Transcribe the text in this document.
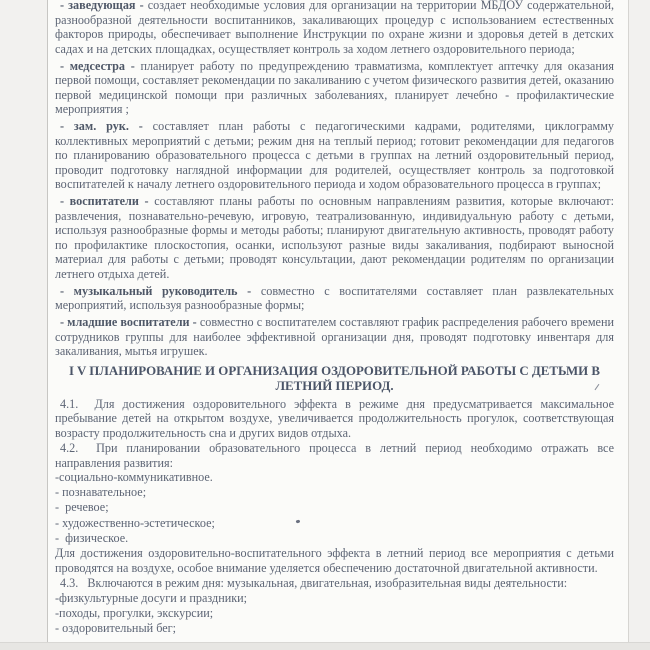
- заведующая - создает необходимые условия для организации на территории МБДОУ содержательной, разнообразной деятельности воспитанников, закаливающих процедур с использованием естественных факторов природы, обеспечивает выполнение Инструкции по охране жизни и здоровья детей в детских садах и на детских площадках, осуществляет контроль за ходом летнего оздоровительного периода;

- медсестра - планирует работу по предупреждению травматизма, комплектует аптечку для оказания первой помощи, составляет рекомендации по закаливанию с учетом физического развития детей, оказанию первой медицинской помощи при различных заболеваниях, планирует лечебно - профилактические мероприятия ;

- зам. рук. - составляет план работы с педагогическими кадрами, родителями, циклограмму коллективных мероприятий с детьми; режим дня на теплый период; готовит рекомендации для педагогов по планированию образовательного процесса с детьми в группах на летний оздоровительный период, проводит подготовку наглядной информации для родителей, осуществляет контроль за подготовкой воспитателей к началу летнего оздоровительного периода и ходом образовательного процесса в группах;

- воспитатели - составляют планы работы по основным направлениям развития, которые включают: развлечения, познавательно-речевую, игровую, театрализованную, индивидуальную работу с детьми, используя разнообразные формы и методы работы; планируют двигательную активность, проводят работу по профилактике плоскостопия, осанки, используют разные виды закаливания, подбирают выносной материал для работы с детьми; проводят консультации, дают рекомендации родителям по организации летнего отдыха детей.

- музыкальный руководитель - совместно с воспитателями составляет план развлекательных мероприятий, используя разнообразные формы;

- младшие воспитатели - совместно с воспитателем составляют график распределения рабочего времени сотрудников группы для наиболее эффективной организации дня, проводят подготовку инвентаря для закаливания, мытья игрушек.

I V ПЛАНИРОВАНИЕ И ОРГАНИЗАЦИЯ ОЗДОРОВИТЕЛЬНОЙ РАБОТЫ С ДЕТЬМИ В
ЛЕТНИЙ ПЕРИОД.

4.1.  Для достижения оздоровительного эффекта в режиме дня предусматривается максимальное пребывание детей на открытом воздухе, увеличивается продолжительность прогулок, соответствующая возрасту продолжительность сна и других видов отдыха.

4.2.  При планировании образовательного процесса в летний период необходимо отражать все направления развития:

-социально-коммуникативное.
- познавательное;
-  речевое;
- художественно-эстетическое;
-  физическое.

Для достижения оздоровительно-воспитательного эффекта в летний период все мероприятия с детьми проводятся на воздухе, особое внимание уделяется обеспечению достаточной двигательной активности.

4.3.   Включаются в режим дня: музыкальная, двигательная, изобразительная виды деятельности:

-физкультурные досуги и праздники;
-походы, прогулки, экскурсии;
- оздоровительный бег;
